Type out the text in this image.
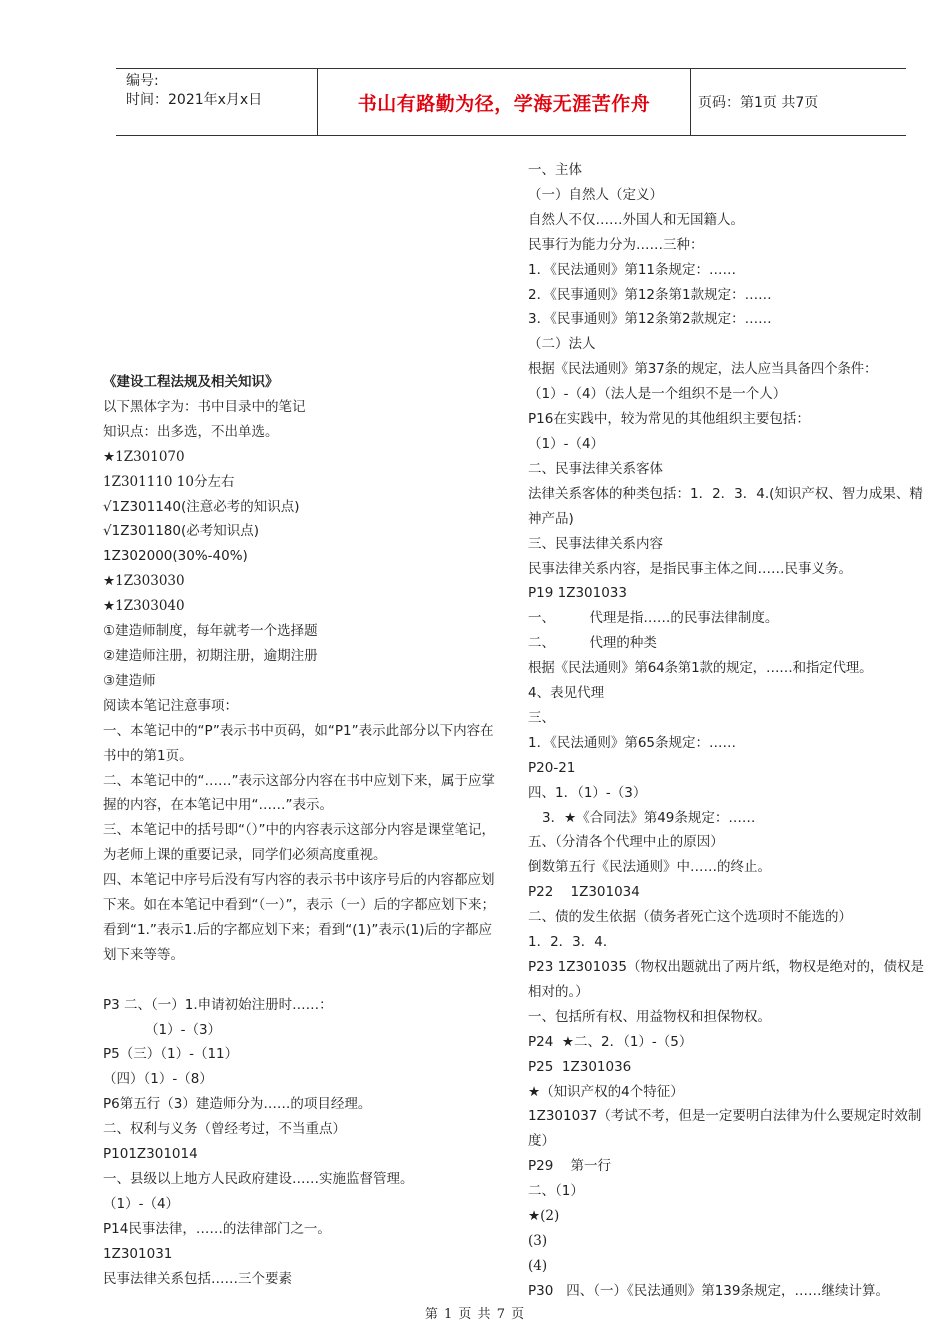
编号:
时间：2021年x月x日	书山有路勤为径，学海无涯苦作舟	页码：第1页 共7页
《建设工程法规及相关知识》
以下黑体字为：书中目录中的笔记
知识点：出多选，不出单选。
★1Z301070
1Z301110 10分左右
√1Z301140(注意必考的知识点)
√1Z301180(必考知识点)
1Z302000(30%-40%)
★1Z303030
★1Z303040
①建造师制度，每年就考一个选择题
②建造师注册，初期注册，逾期注册
③建造师
阅读本笔记注意事项：
一、本笔记中的“P”表示书中页码，如“P1”表示此部分以下内容在书中的第1页。
二、本笔记中的“……”表示这部分内容在书中应划下来，属于应掌握的内容，在本笔记中用“……”表示。
三、本笔记中的括号即“（）”中的内容表示这部分内容是课堂笔记，为老师上课的重要记录，同学们必须高度重视。
四、本笔记中序号后没有写内容的表示书中该序号后的内容都应划下来。如在本笔记中看到“（一）”，表示（一）后的字都应划下来；看到“1.”表示1.后的字都应划下来；看到“(1)”表示(1)后的字都应划下来等等。
P3 二、（一）1.申请初始注册时……：
（1）-（3）
P5（三）（1）-（11）
（四）（1）-（8）
P6第五行（3）建造师分为……的项目经理。
二、权利与义务（曾经考过，不当重点）
P101Z301014
一、县级以上地方人民政府建设……实施监督管理。
（1）-（4）
P14民事法律，……的法律部门之一。
1Z301031
民事法律关系包括……三个要素
一、主体
（一）自然人（定义）
自然人不仅……外国人和无国籍人。
民事行为能力分为……三种：
1．《民法通则》第11条规定：……
2．《民事通则》第12条第1款规定：……
3．《民事通则》第12条第2款规定：……
（二）法人
根据《民法通则》第37条的规定，法人应当具备四个条件：
（1）-（4）（法人是一个组织不是一个人）
P16在实践中，较为常见的其他组织主要包括：
（1）-（4）
二、民事法律关系客体
法律关系客体的种类包括：1．2．3．4.(知识产权、智力成果、精神产品)
三、民事法律关系内容
民事法律关系内容，是指民事主体之间……民事义务。
P19 1Z301033
一、        代理是指……的民事法律制度。
二、        代理的种类
根据《民法通则》第64条第1款的规定，……和指定代理。
4、表见代理
三、
1．《民法通则》第65条规定：……
P20-21
四、1．（1）-（3）
3．★《合同法》第49条规定：……
五、（分清各个代理中止的原因）
倒数第五行《民法通则》中……的终止。
P22    1Z301034
二、债的发生依据（债务者死亡这个选项时不能选的）
1．2．3．4．
P23 1Z301035（物权出题就出了两片纸，物权是绝对的，债权是相对的。）
一、包括所有权、用益物权和担保物权。
P24  ★二、2．（1）-（5）
P25  1Z301036
★（知识产权的4个特征）
1Z301037（考试不考，但是一定要明白法律为什么要规定时效制度）
P29    第一行
二、（1）
★(2)
(3)
(4)
P30   四、（一）《民法通则》第139条规定，……继续计算。
第 1 页 共 7 页
